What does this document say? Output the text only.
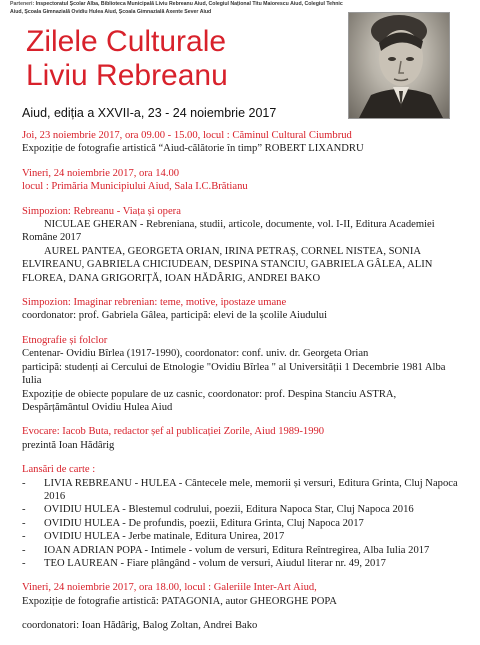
Parteneri: Inspectoratul Școlar Alba, Biblioteca Municipală Liviu Rebreanu Aiud, Colegiul Național Titu Maiorescu Aiud, Colegiul Tehnic Aiud, Școala Gimnazială Ovidiu Hulea Aiud, Școala Gimnazială Axente Sever Aiud
Zilele Culturale
Liviu Rebreanu
Aiud, ediția a XXVII-a, 23 - 24 noiembrie 2017

Joi, 23 noiembrie 2017, ora 09.00 - 15.00, locul : Căminul Cultural Ciumbrud

Expoziție de fotografie artistică “Aiud-călătorie în timp” ROBERT LIXANDRU

Vineri, 24 noiembrie 2017, ora 14.00

locul : Primăria Municipiului Aiud, Sala I.C.Brătianu

Simpozion: Rebreanu - Viața și opera

NICULAE GHERAN - Rebreniana, studii, articole, documente, vol. I-II, Editura Academiei Române 2017

AUREL PANTEA, GEORGETA ORIAN, IRINA PETRAȘ, CORNEL NISTEA, SONIA ELVIREANU, GABRIELA CHICIUDEAN, DESPINA STANCIU, GABRIELA GÂLEA, ALIN FLOREA, DANA GRIGORIȚĂ, IOAN HĂDÂRIG, ANDREI BAKO

Simpozion: Imaginar rebrenian: teme, motive, ipostaze umane

coordonator: prof. Gabriela Gâlea, participă: elevi de la școlile Aiudului

Etnografie și folclor

Centenar- Ovidiu Bîrlea (1917-1990), coordonator: conf. univ. dr. Georgeta Orian

participă: studenți ai Cercului de Etnologie "Ovidiu Bîrlea " al Universității 1 Decembrie 1981 Alba Iulia

Expoziție de obiecte populare de uz casnic, coordonator: prof. Despina Stanciu ASTRA, Despărțământul Ovidiu Hulea Aiud

Evocare: Iacob Buta, redactor șef al publicației Zorile, Aiud 1989-1990

prezintă Ioan Hădârig

Lansări de carte :

-	LIVIA REBREANU - HULEA - Cântecele mele, memorii și versuri, Editura Grinta, Cluj Napoca 2016
-	OVIDIU HULEA - Blestemul codrului, poezii, Editura Napoca Star, Cluj Napoca 2016
-	OVIDIU HULEA - De profundis, poezii, Editura Grinta, Cluj Napoca 2017
-	OVIDIU HULEA - Jerbe matinale, Editura Unirea, 2017
-	IOAN ADRIAN POPA - Intimele - volum de versuri, Editura Reîntregirea, Alba Iulia 2017
-	TEO LAUREAN - Fiare plângând - volum de versuri, Aiudul literar nr. 49, 2017

Vineri, 24 noiembrie 2017, ora 18.00, locul : Galeriile Inter-Art Aiud,

Expoziție de fotografie artistică: PATAGONIA, autor GHEORGHE POPA

coordonatori: Ioan Hădârig, Balog Zoltan, Andrei Bako
